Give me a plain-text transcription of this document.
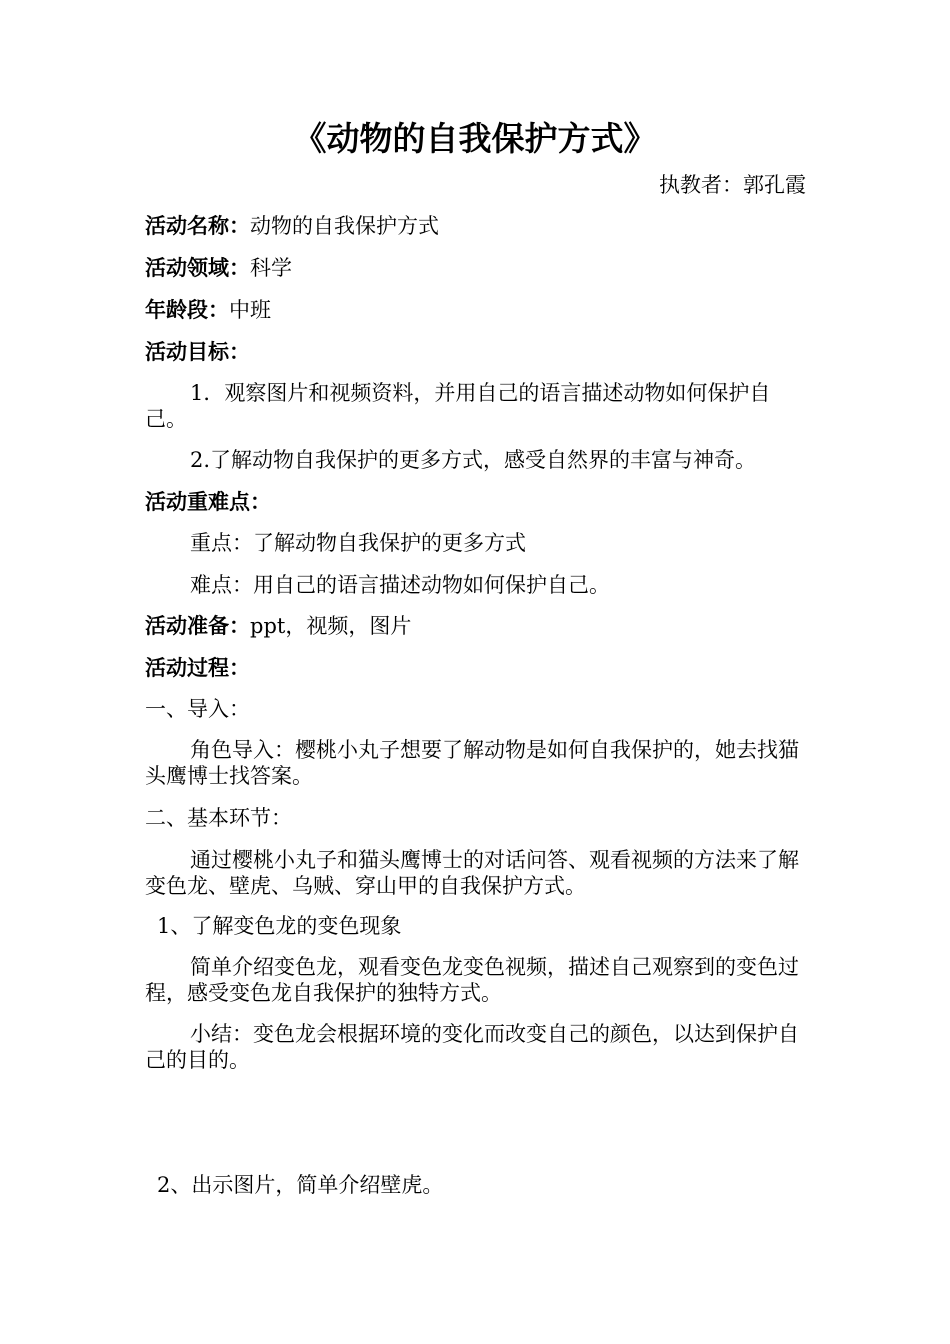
《动物的自我保护方式》
执教者：郭孔霞
活动名称：动物的自我保护方式
活动领域：科学
年龄段：中班
活动目标：
1．观察图片和视频资料，并用自己的语言描述动物如何保护自己。
2.了解动物自我保护的更多方式，感受自然界的丰富与神奇。
活动重难点：
重点：了解动物自我保护的更多方式
难点：用自己的语言描述动物如何保护自己。
活动准备：ppt，视频，图片
活动过程：
一、导入：
角色导入：樱桃小丸子想要了解动物是如何自我保护的，她去找猫头鹰博士找答案。
二、基本环节：
通过樱桃小丸子和猫头鹰博士的对话问答、观看视频的方法来了解变色龙、壁虎、乌贼、穿山甲的自我保护方式。
1、了解变色龙的变色现象
简单介绍变色龙，观看变色龙变色视频，描述自己观察到的变色过程，感受变色龙自我保护的独特方式。
小结：变色龙会根据环境的变化而改变自己的颜色，以达到保护自己的目的。
2、出示图片，简单介绍壁虎。
